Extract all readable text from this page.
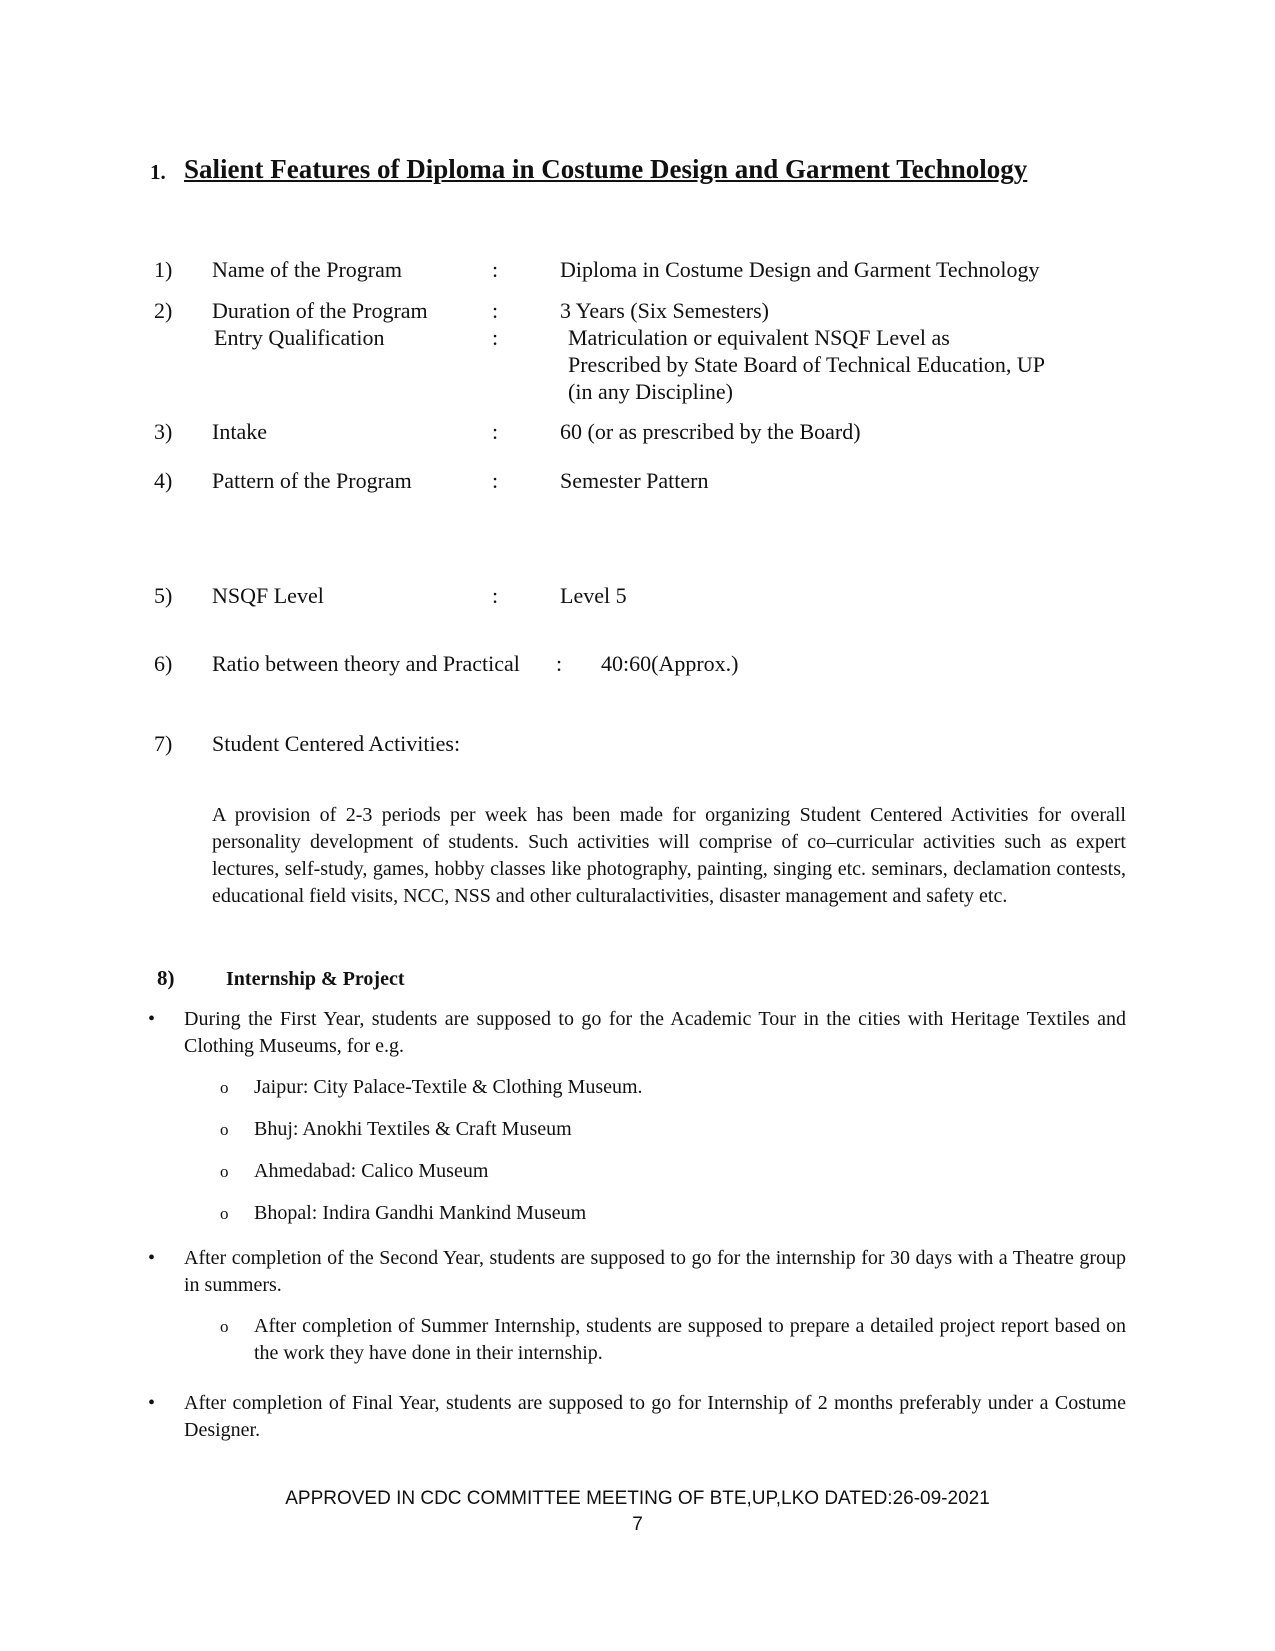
1. Salient Features of Diploma in Costume Design and Garment Technology
1) Name of the Program	:	Diploma in Costume Design and Garment Technology
2) Duration of the Program	:	3 Years (Six Semesters)
Entry Qualification	:	Matriculation or equivalent NSQF Level as
Prescribed by State Board of Technical Education, UP
(in any Discipline)
3) Intake	:	60 (or as prescribed by the Board)
4) Pattern of the Program	:	Semester Pattern
5) NSQF Level	:	Level 5
6) Ratio between theory and Practical : 40:60(Approx.)
7) Student Centered Activities:
A provision of 2-3 periods per week has been made for organizing Student Centered Activities for overall personality development of students. Such activities will comprise of co–curricular activities such as expert lectures, self-study, games, hobby classes like photography, painting, singing etc. seminars, declamation contests, educational field visits, NCC, NSS and other culturalactivities, disaster management and safety etc.
8)	Internship & Project
• During the First Year, students are supposed to go for the Academic Tour in the cities with Heritage Textiles and Clothing Museums, for e.g.
o Jaipur: City Palace-Textile & Clothing Museum.
o Bhuj: Anokhi Textiles & Craft Museum
o Ahmedabad: Calico Museum
o Bhopal: Indira Gandhi Mankind Museum
• After completion of the Second Year, students are supposed to go for the internship for 30 days with a Theatre group in summers.
o After completion of Summer Internship, students are supposed to prepare a detailed project report based on the work they have done in their internship.
• After completion of Final Year, students are supposed to go for Internship of 2 months preferably under a Costume Designer.
APPROVED IN CDC COMMITTEE MEETING OF BTE,UP,LKO DATED:26-09-2021
7
